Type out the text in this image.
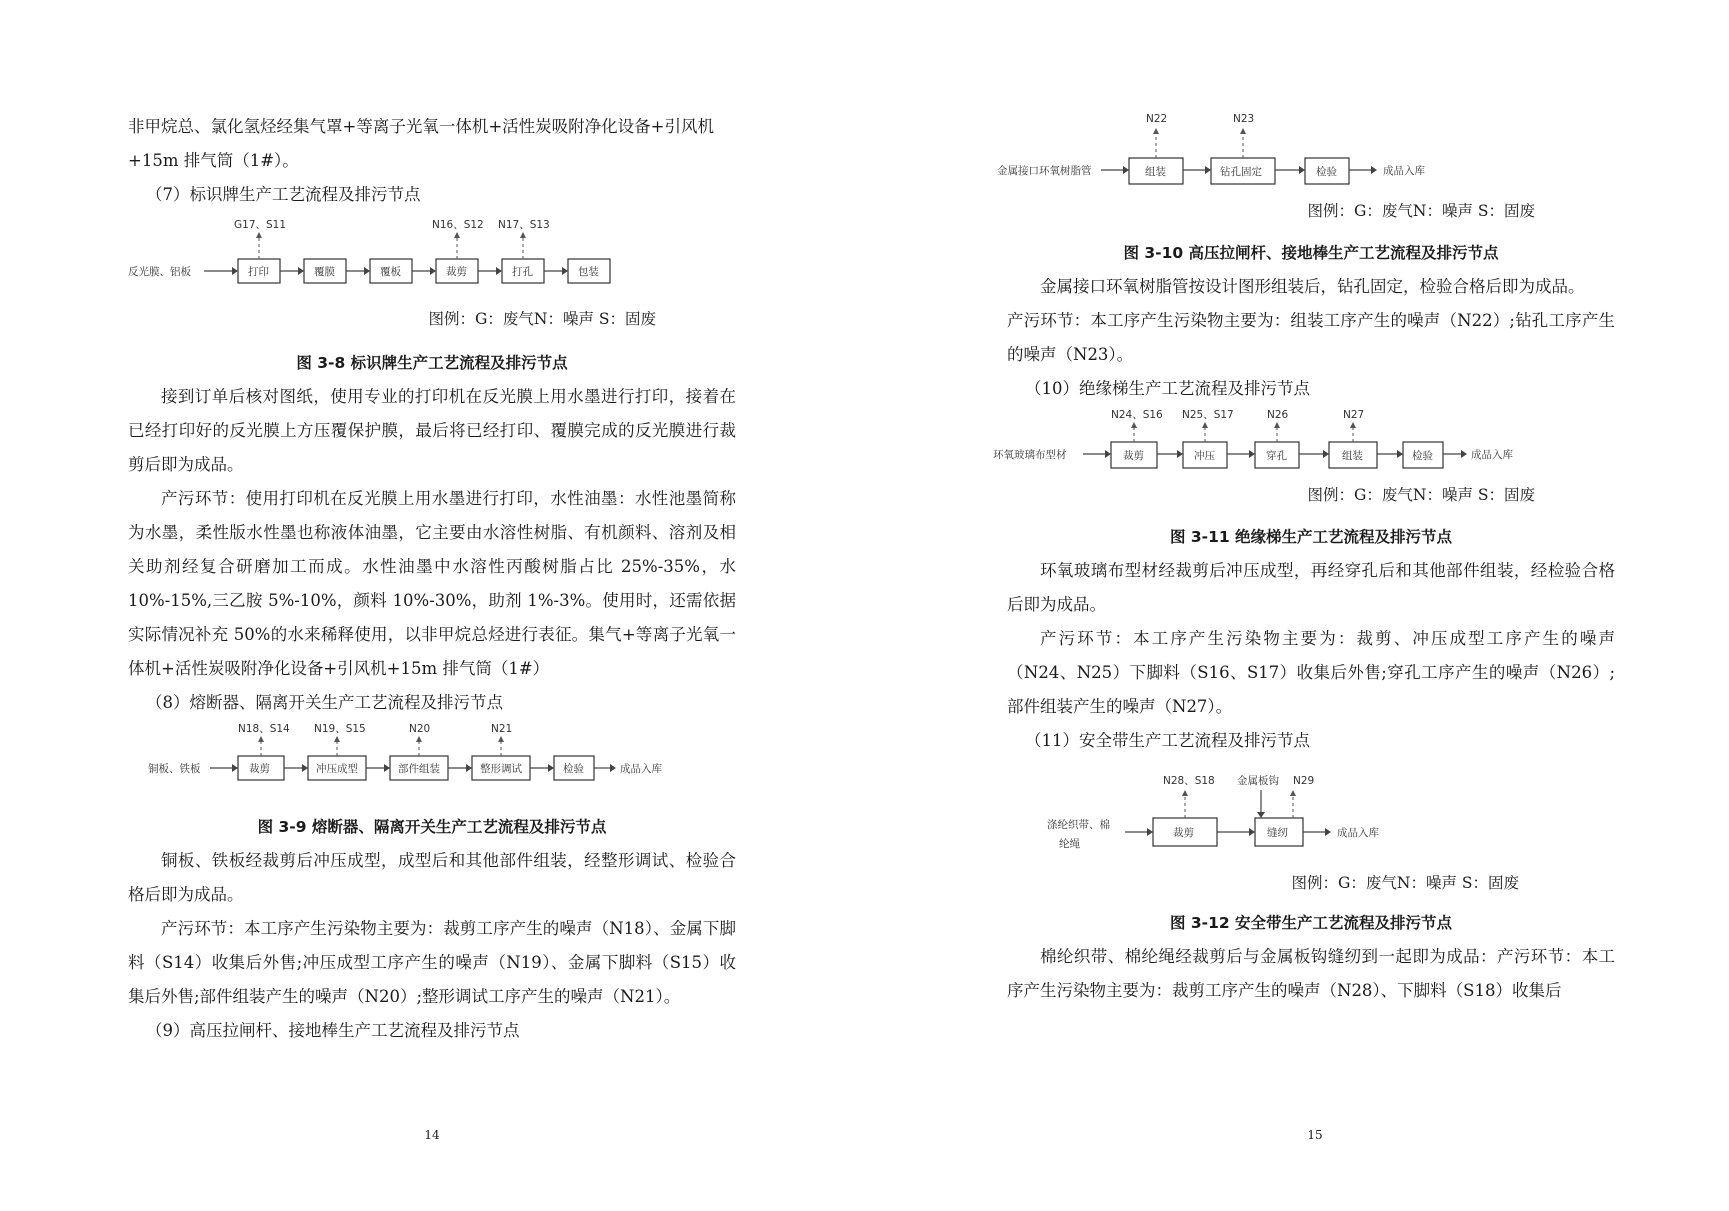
非甲烷总、氯化氢烃经集气罩+等离子光氧一体机+活性炭吸附净化设备+引风机

+15m 排气筒（1#）。

（7）标识牌生产工艺流程及排污节点

反光膜、铝板	打印	覆膜	覆板	裁剪	打孔	包装
G17、S11	N16、S12 N17、S13

图例：G：废气N：噪声 S：固废

图 3-8 标识牌生产工艺流程及排污节点

接到订单后核对图纸，使用专业的打印机在反光膜上用水墨进行打印，接着在已经打印好的反光膜上方压覆保护膜，最后将已经打印、覆膜完成的反光膜进行裁剪后即为成品。

产污环节：使用打印机在反光膜上用水墨进行打印，水性油墨：水性池墨简称为水墨，柔性版水性墨也称液体油墨，它主要由水溶性树脂、有机颜料、溶剂及相关助剂经复合研磨加工而成。水性油墨中水溶性丙酸树脂占比 25%-35%，水 10%-15%,三乙胺 5%-10%，颜料 10%-30%，助剂 1%-3%。使用时，还需依据实际情况补充 50%的水来稀释使用，以非甲烷总烃进行表征。集气+等离子光氧一体机+活性炭吸附净化设备+引风机+15m 排气筒（1#）

（8）熔断器、隔离开关生产工艺流程及排污节点

铜板、铁板	裁剪	冲压成型	部件组装	整形调试	检验	成品入库
N18、S14 N19、S15	N20	N21

图 3-9 熔断器、隔离开关生产工艺流程及排污节点

铜板、铁板经裁剪后冲压成型，成型后和其他部件组装，经整形调试、检验合格后即为成品。

产污环节：本工序产生污染物主要为：裁剪工序产生的噪声（N18）、金属下脚料（S14）收集后外售;冲压成型工序产生的噪声（N19）、金属下脚料（S15）收集后外售;部件组装产生的噪声（N20）;整形调试工序产生的噪声（N21）。

（9）高压拉闸杆、接地棒生产工艺流程及排污节点

14
金属接口环氧树脂管	组装	钻孔固定	检验	成品入库
N22	N23

图例：G：废气N：噪声 S：固废

图 3-10 高压拉闸杆、接地棒生产工艺流程及排污节点

金属接口环氧树脂管按设计图形组装后，钻孔固定，检验合格后即为成品。

产污环节：本工序产生污染物主要为：组装工序产生的噪声（N22）;钻孔工序产生的噪声（N23）。

（10）绝缘梯生产工艺流程及排污节点

环氧玻璃布型材	裁剪	冲压	穿孔	组装	检验	成品入库
N24、S16 N25、S17	N26	N27

图例：G：废气N：噪声 S：固废

图 3-11 绝缘梯生产工艺流程及排污节点

环氧玻璃布型材经裁剪后冲压成型，再经穿孔后和其他部件组装，经检验合格后即为成品。

产污环节：本工序产生污染物主要为：裁剪、冲压成型工序产生的噪声（N24、N25）下脚料（S16、S17）收集后外售;穿孔工序产生的噪声（N26）;部件组装产生的噪声（N27）。

（11）安全带生产工艺流程及排污节点

涤纶织带、棉
纶绳
裁剪	缝纫	成品入库
N28、S18 金属板钩 N29

图例：G：废气N：噪声 S：固废

图 3-12 安全带生产工艺流程及排污节点

棉纶织带、棉纶绳经裁剪后与金属板钩缝纫到一起即为成品：产污环节：本工序产生污染物主要为：裁剪工序产生的噪声（N28）、下脚料（S18）收集后

15
